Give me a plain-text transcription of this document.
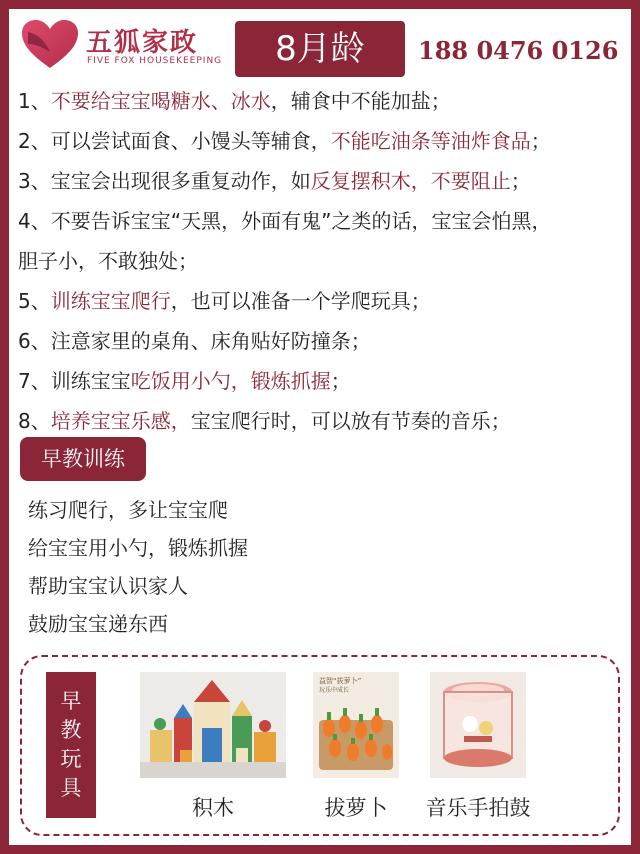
五狐家政
FIVE FOX HOUSEKEEPING	8月龄	188 0476 0126
1、不要给宝宝喝糖水、冰水，辅食中不能加盐；
2、可以尝试面食、小馒头等辅食，不能吃油条等油炸食品；
3、宝宝会出现很多重复动作，如反复摆积木，不要阻止；
4、不要告诉宝宝“天黑，外面有鬼”之类的话，宝宝会怕黑，
胆子小，不敢独处；
5、训练宝宝爬行，也可以准备一个学爬玩具；
6、注意家里的桌角、床角贴好防撞条；
7、训练宝宝吃饭用小勺，锻炼抓握；
8、培养宝宝乐感，宝宝爬行时，可以放有节奏的音乐；
早教训练
练习爬行，多让宝宝爬
给宝宝用小勺，锻炼抓握
帮助宝宝认识家人
鼓励宝宝递东西
早
教
玩
具
积木
益智“拔萝卜”
玩乐中成长
拔萝卜	音乐手拍鼓
